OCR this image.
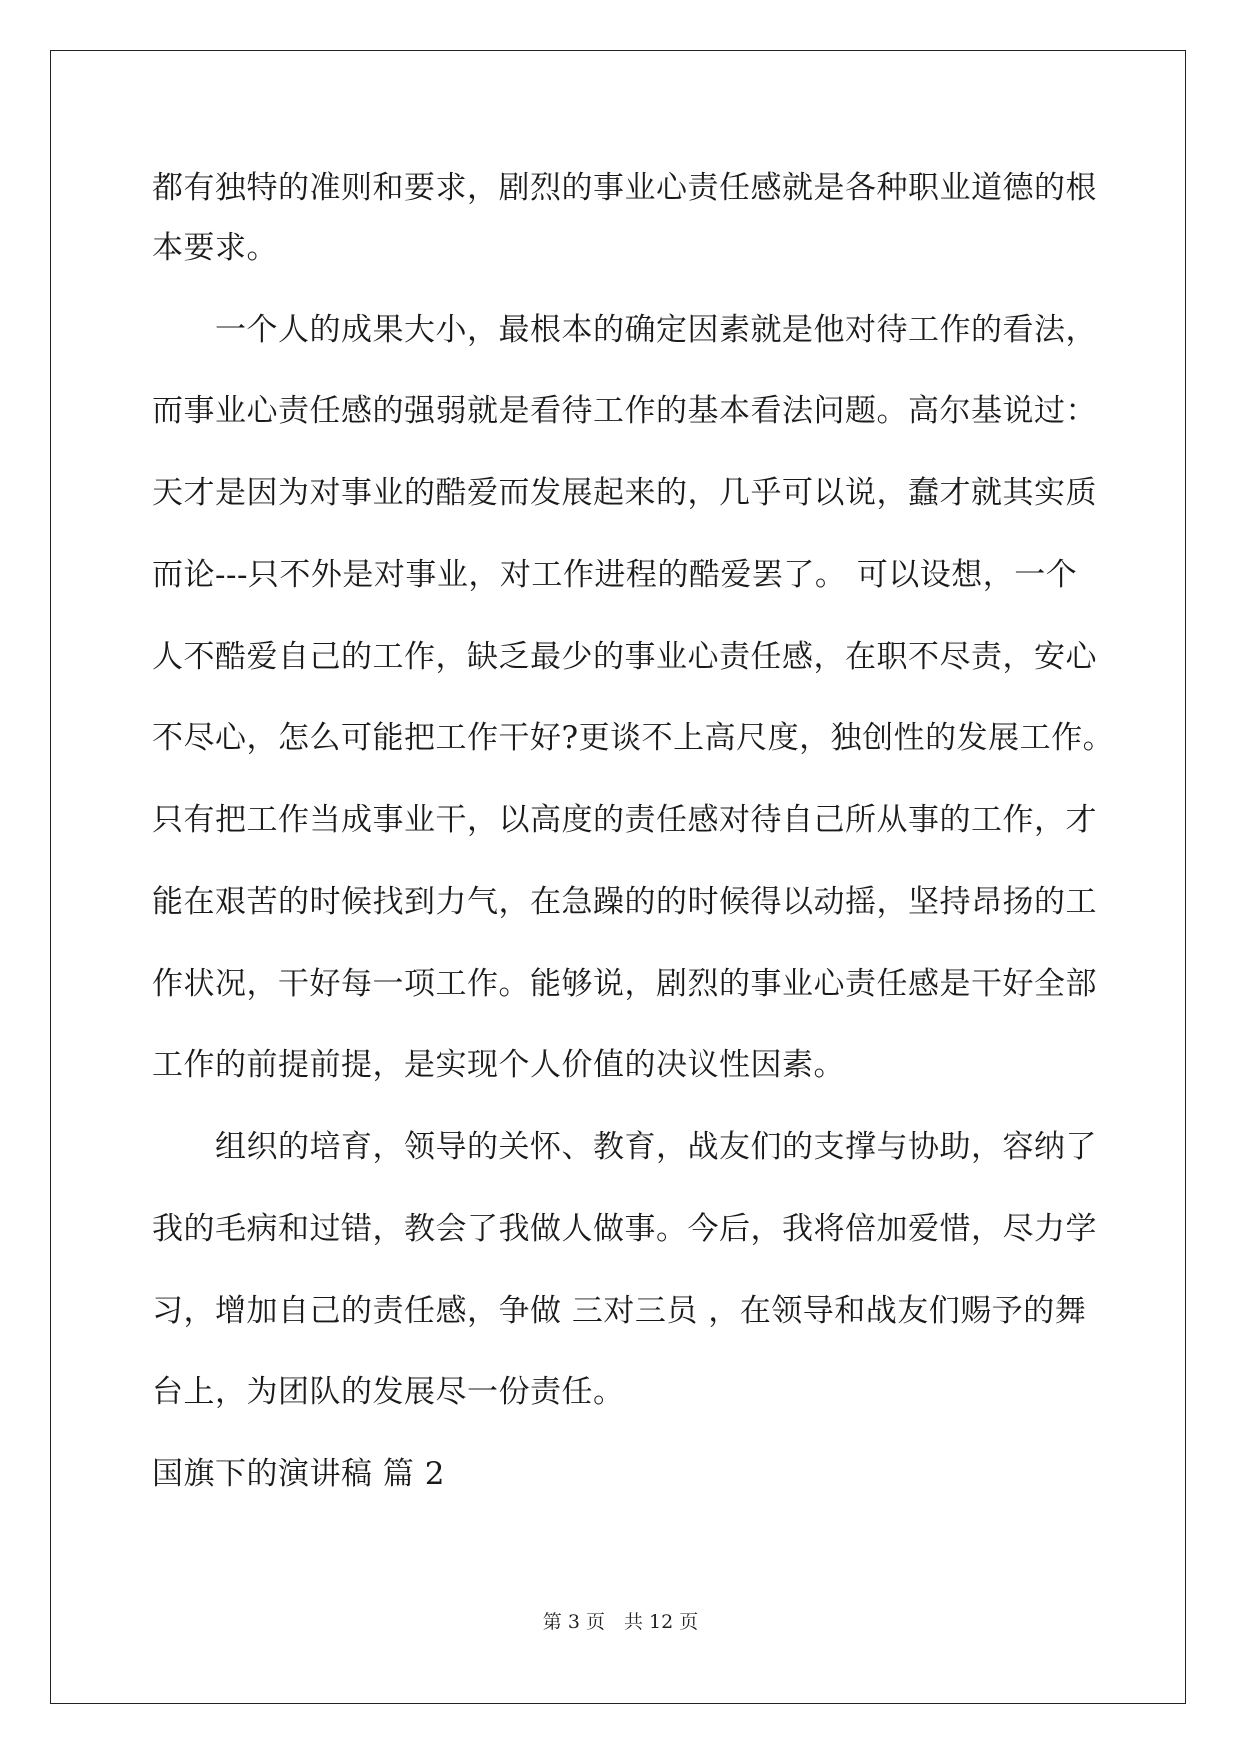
都有独特的准则和要求，剧烈的事业心责任感就是各种职业道德的根
本要求。
　　一个人的成果大小，最根本的确定因素就是他对待工作的看法，
而事业心责任感的强弱就是看待工作的基本看法问题。高尔基说过：
天才是因为对事业的酷爱而发展起来的，几乎可以说，蠢才就其实质
而论---只不外是对事业，对工作进程的酷爱罢了。 可以设想，一个
人不酷爱自己的工作，缺乏最少的事业心责任感，在职不尽责，安心
不尽心，怎么可能把工作干好?更谈不上高尺度，独创性的发展工作。
只有把工作当成事业干，以高度的责任感对待自己所从事的工作，才
能在艰苦的时候找到力气，在急躁的的时候得以动摇，坚持昂扬的工
作状况，干好每一项工作。能够说，剧烈的事业心责任感是干好全部
工作的前提前提，是实现个人价值的决议性因素。
　　组织的培育，领导的关怀、教育，战友们的支撑与协助，容纳了
我的毛病和过错，教会了我做人做事。今后，我将倍加爱惜，尽力学
习，增加自己的责任感，争做 三对三员 ，在领导和战友们赐予的舞
台上，为团队的发展尽一份责任。
国旗下的演讲稿 篇 2
第 3 页　共 12 页
